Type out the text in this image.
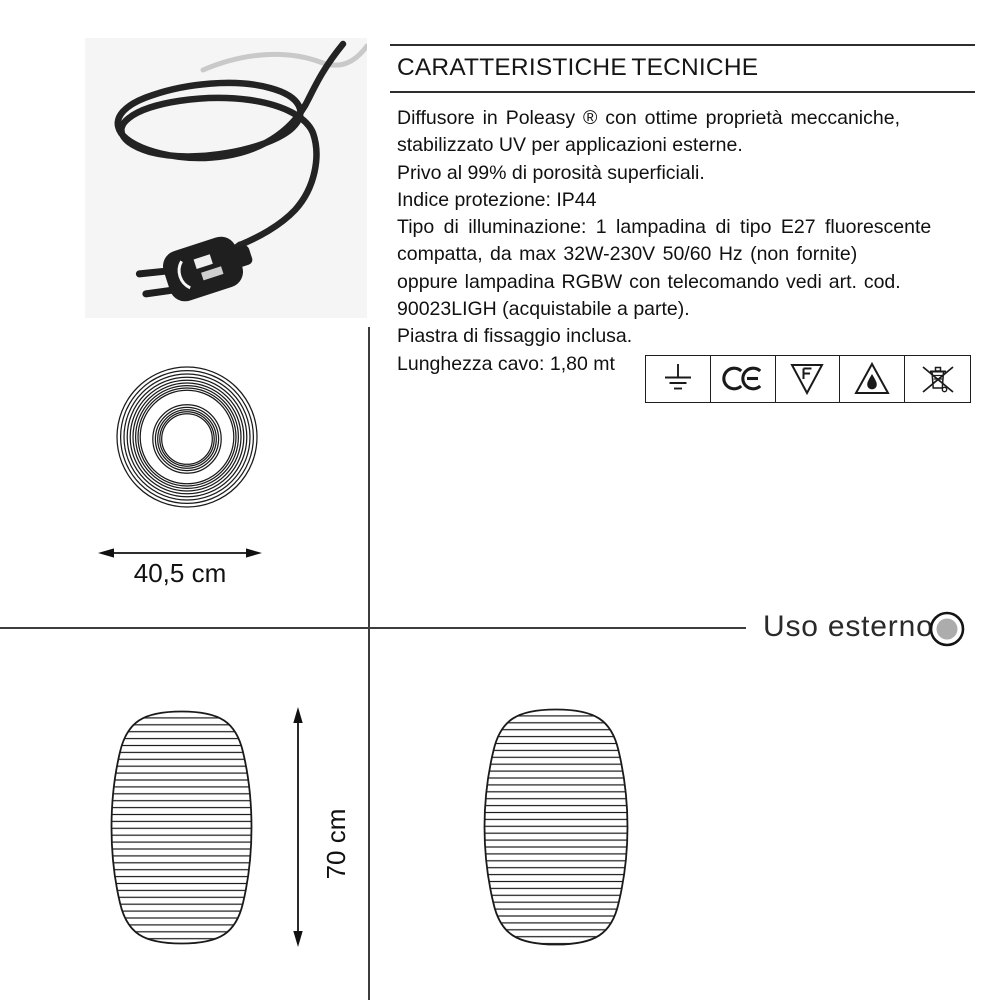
CARATTERISTICHE TECNICHE
Diffusore in Poleasy ® con ottime proprietà meccaniche,
stabilizzato UV per applicazioni esterne.
Privo al 99% di porosità superficiali.
Indice protezione: IP44
Tipo di illuminazione: 1 lampadina di tipo E27 fluorescente
compatta, da max 32W-230V 50/60 Hz (non fornite)
oppure lampadina RGBW con telecomando vedi art. cod.
90023LIGH (acquistabile a parte).
Piastra di fissaggio inclusa.
Lunghezza cavo: 1,80 mt
40,5 cm
Uso esterno
70 cm
